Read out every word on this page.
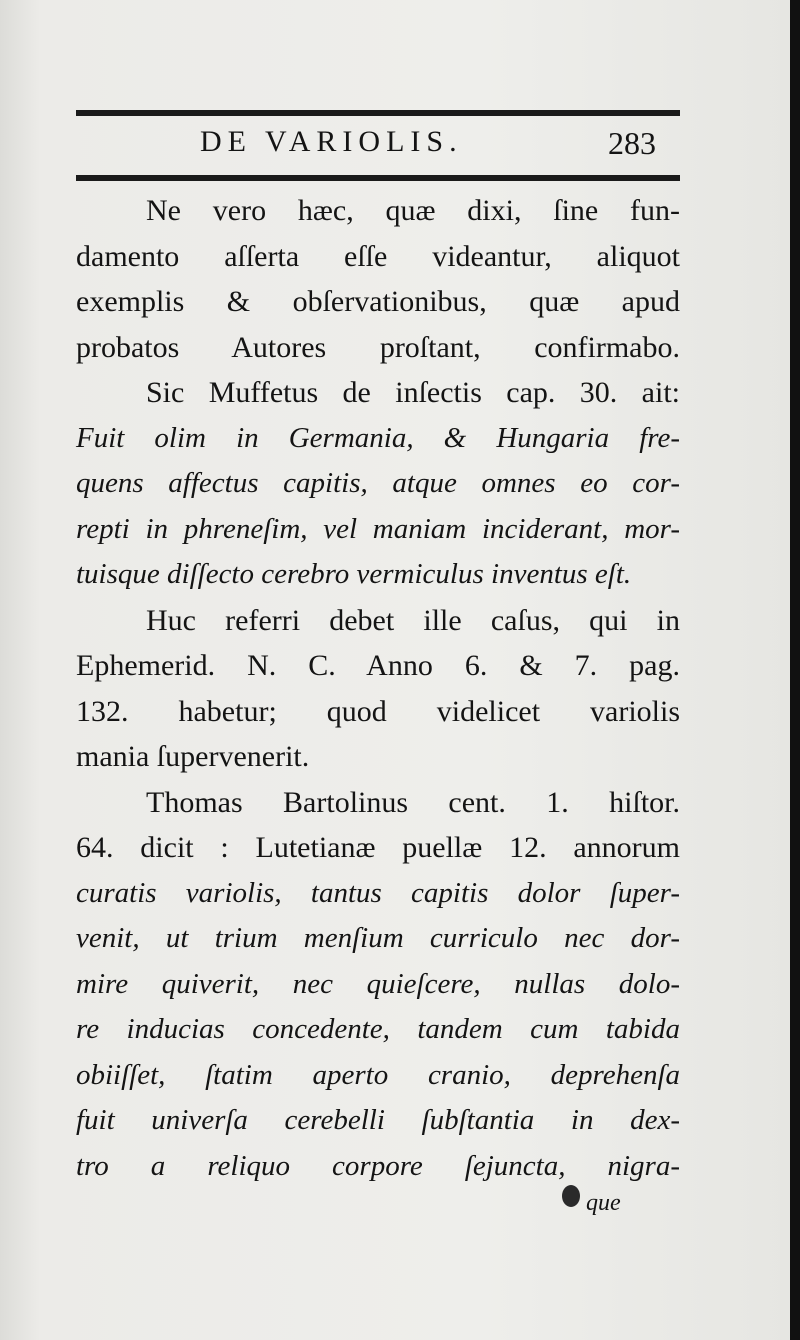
DE VARIOLIS.	283
Ne vero hæc, quæ dixi, ſine fun-
damento aſſerta eſſe videantur, aliquot
exemplis & obſervationibus, quæ apud
probatos Autores proſtant, confirmabo.
Sic Muffetus de inſectis cap. 30. ait:
Fuit olim in Germania, & Hungaria fre-
quens affectus capitis, atque omnes eo cor-
repti in phreneſim, vel maniam inciderant, mor-
tuisque diſſecto cerebro vermiculus inventus eſt.
Huc referri debet ille caſus, qui in
Ephemerid. N. C. Anno 6. & 7. pag.
132. habetur; quod videlicet variolis
mania ſupervenerit.
Thomas Bartolinus cent. 1. hiſtor.
64. dicit : Lutetianæ puellæ 12. annorum
curatis variolis, tantus capitis dolor ſuper-
venit, ut trium menſium curriculo nec dor-
mire quiverit, nec quieſcere, nullas dolo-
re inducias concedente, tandem cum tabida
obiiſſet, ſtatim aperto cranio, deprehenſa
fuit univerſa cerebelli ſubſtantia in dex-
tro a reliquo corpore ſejuncta, nigra-
que
